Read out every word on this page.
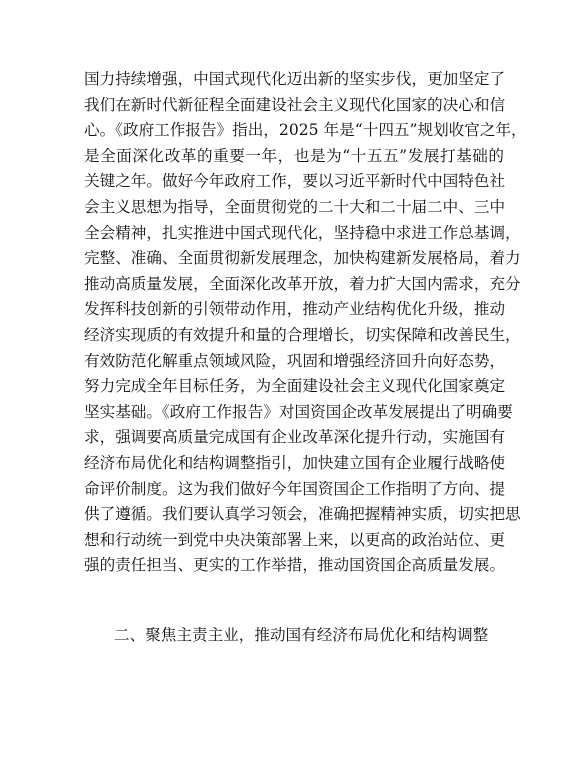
国力持续增强，中国式现代化迈出新的坚实步伐，更加坚定了
我们在新时代新征程全面建设社会主义现代化国家的决心和信
心。《政府工作报告》指出，2025 年是“十四五”规划收官之年，
是全面深化改革的重要一年，也是为“十五五”发展打基础的
关键之年。做好今年政府工作，要以习近平新时代中国特色社
会主义思想为指导，全面贯彻党的二十大和二十届二中、三中
全会精神，扎实推进中国式现代化，坚持稳中求进工作总基调，
完整、准确、全面贯彻新发展理念，加快构建新发展格局，着力
推动高质量发展，全面深化改革开放，着力扩大国内需求，充分
发挥科技创新的引领带动作用，推动产业结构优化升级，推动
经济实现质的有效提升和量的合理增长，切实保障和改善民生，
有效防范化解重点领域风险，巩固和增强经济回升向好态势，
努力完成全年目标任务，为全面建设社会主义现代化国家奠定
坚实基础。《政府工作报告》对国资国企改革发展提出了明确要
求，强调要高质量完成国有企业改革深化提升行动，实施国有
经济布局优化和结构调整指引，加快建立国有企业履行战略使
命评价制度。这为我们做好今年国资国企工作指明了方向、提
供了遵循。我们要认真学习领会，准确把握精神实质，切实把思
想和行动统一到党中央决策部署上来，以更高的政治站位、更
强的责任担当、更实的工作举措，推动国资国企高质量发展。
二、聚焦主责主业，推动国有经济布局优化和结构调整
